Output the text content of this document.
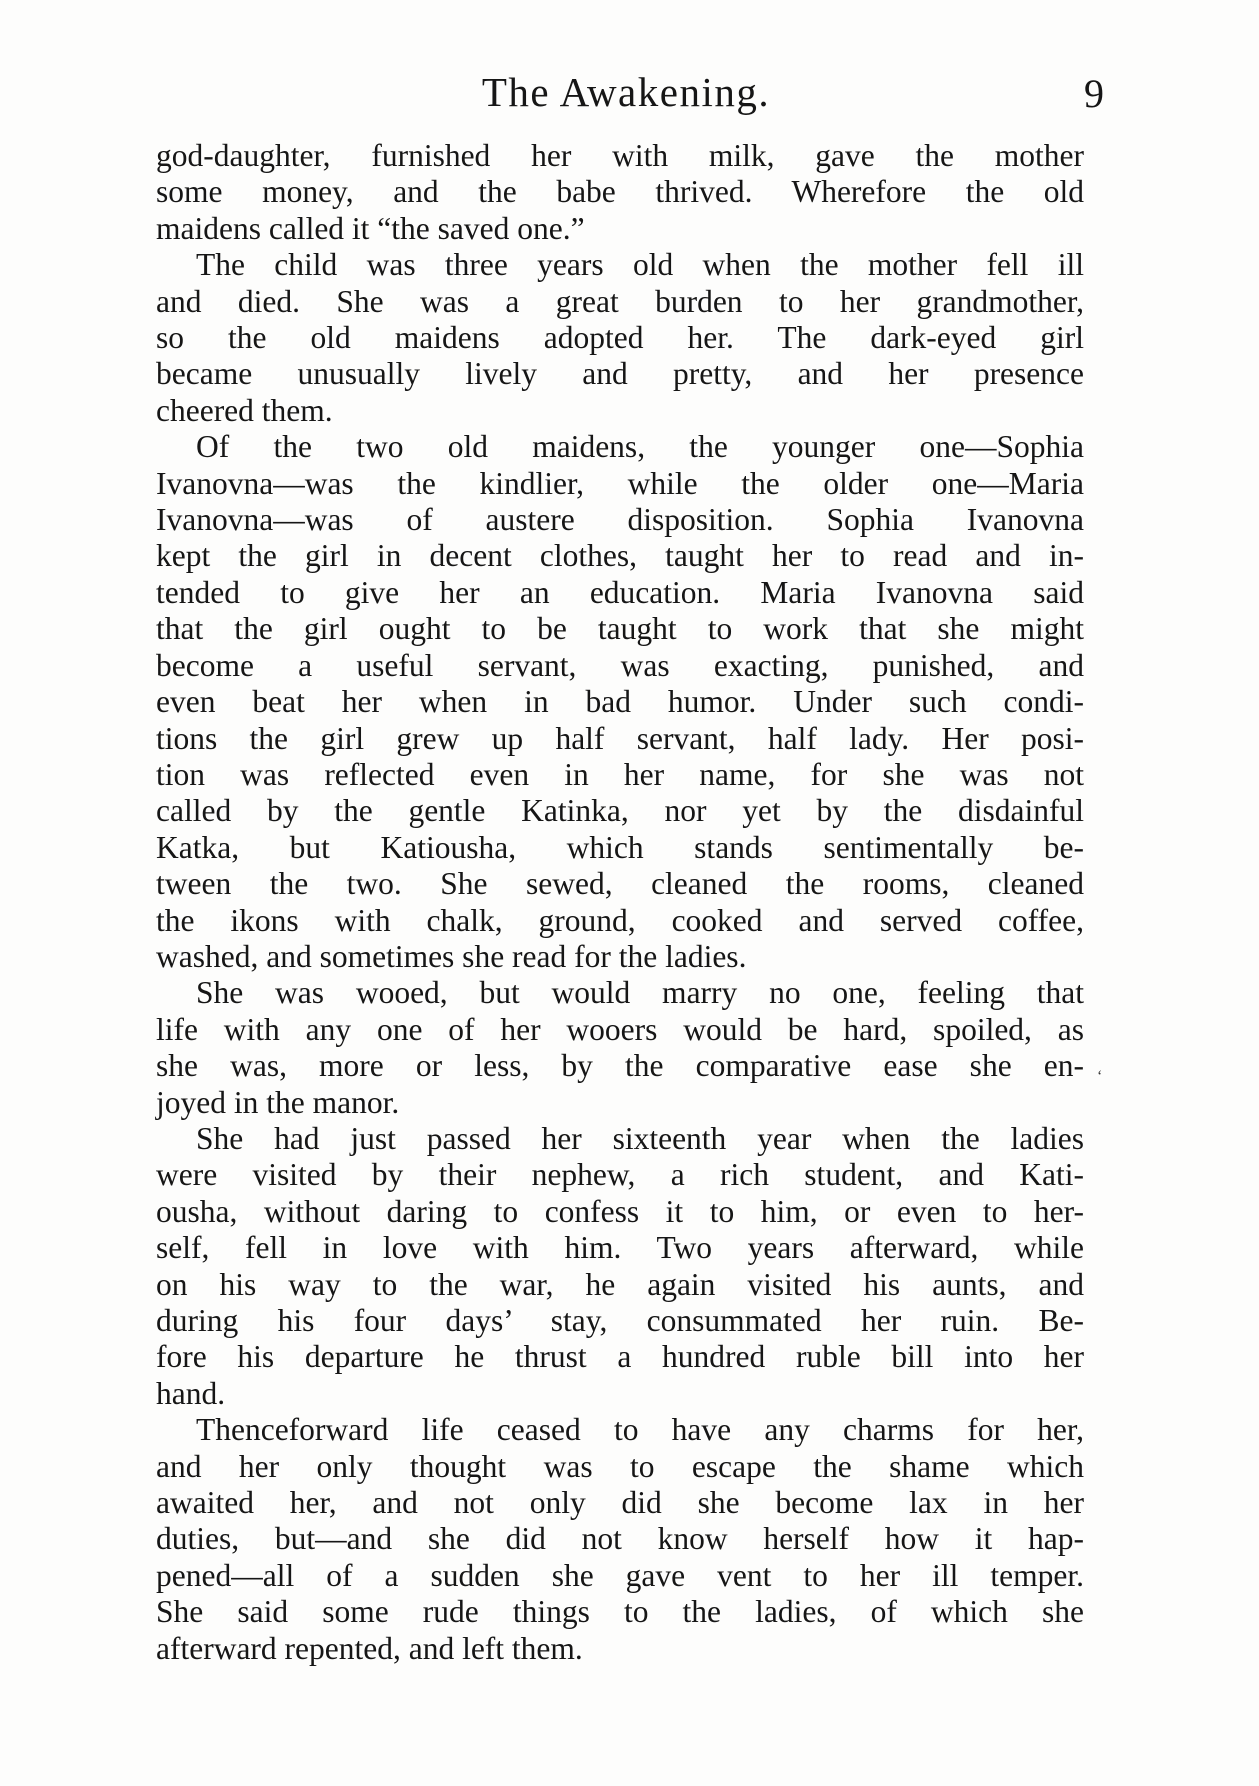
The Awakening.	9

god-daughter, furnished her with milk, gave the mother
some money, and the babe thrived. Wherefore the old
maidens called it “the saved one.”

The child was three years old when the mother fell ill
and died. She was a great burden to her grandmother,
so the old maidens adopted her. The dark-eyed girl
became unusually lively and pretty, and her presence
cheered them.

Of the two old maidens, the younger one—Sophia
Ivanovna—was the kindlier, while the older one—Maria
Ivanovna—was of austere disposition. Sophia Ivanovna
kept the girl in decent clothes, taught her to read and in-
tended to give her an education. Maria Ivanovna said
that the girl ought to be taught to work that she might
become a useful servant, was exacting, punished, and
even beat her when in bad humor. Under such condi-
tions the girl grew up half servant, half lady. Her posi-
tion was reflected even in her name, for she was not
called by the gentle Katinka, nor yet by the disdainful
Katka, but Katiousha, which stands sentimentally be-
tween the two. She sewed, cleaned the rooms, cleaned
the ikons with chalk, ground, cooked and served coffee,
washed, and sometimes she read for the ladies.

She was wooed, but would marry no one, feeling that
life with any one of her wooers would be hard, spoiled, as
she was, more or less, by the comparative ease she en-
joyed in the manor.

She had just passed her sixteenth year when the ladies
were visited by their nephew, a rich student, and Kati-
ousha, without daring to confess it to him, or even to her-
self, fell in love with him. Two years afterward, while
on his way to the war, he again visited his aunts, and
during his four days’ stay, consummated her ruin. Be-
fore his departure he thrust a hundred ruble bill into her
hand.

Thenceforward life ceased to have any charms for her,
and her only thought was to escape the shame which
awaited her, and not only did she become lax in her
duties, but—and she did not know herself how it hap-
pened—all of a sudden she gave vent to her ill temper.
She said some rude things to the ladies, of which she
afterward repented, and left them.

‘
